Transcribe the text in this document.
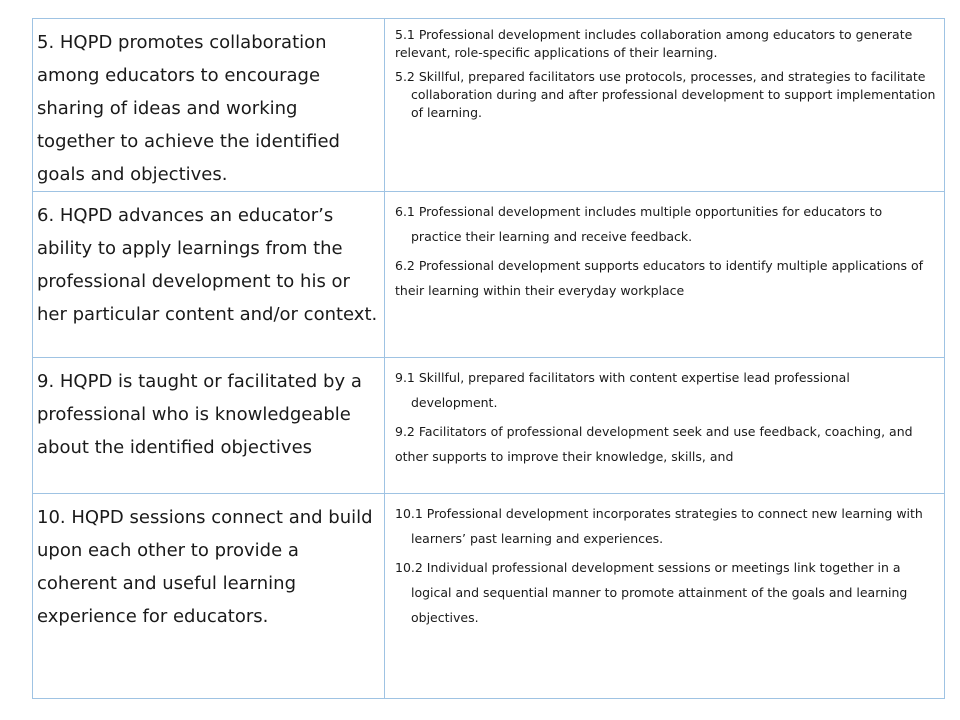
5. HQPD promotes collaboration among educators to encourage sharing of ideas and working together to achieve the identified goals and objectives.	5.1 Professional development includes collaboration among educators to generate relevant, role-specific applications of their learning.

5.2 Skillful, prepared facilitators use protocols, processes, and strategies to facilitate collaboration during and after professional development to support implementation of learning.

6. HQPD advances an educator’s ability to apply learnings from the professional development to his or her particular content and/or context.	6.1 Professional development includes multiple opportunities for educators to practice their learning and receive feedback.

6.2 Professional development supports educators to identify multiple applications of their learning within their everyday workplace

9. HQPD is taught or facilitated by a professional who is knowledgeable about the identified objectives	9.1 Skillful, prepared facilitators with content expertise lead professional development.

9.2 Facilitators of professional development seek and use feedback, coaching, and other supports to improve their knowledge, skills, and

10. HQPD sessions connect and build upon each other to provide a coherent and useful learning experience for educators.	10.1 Professional development incorporates strategies to connect new learning with learners’ past learning and experiences.

10.2 Individual professional development sessions or meetings link together in a logical and sequential manner to promote attainment of the goals and learning objectives.
